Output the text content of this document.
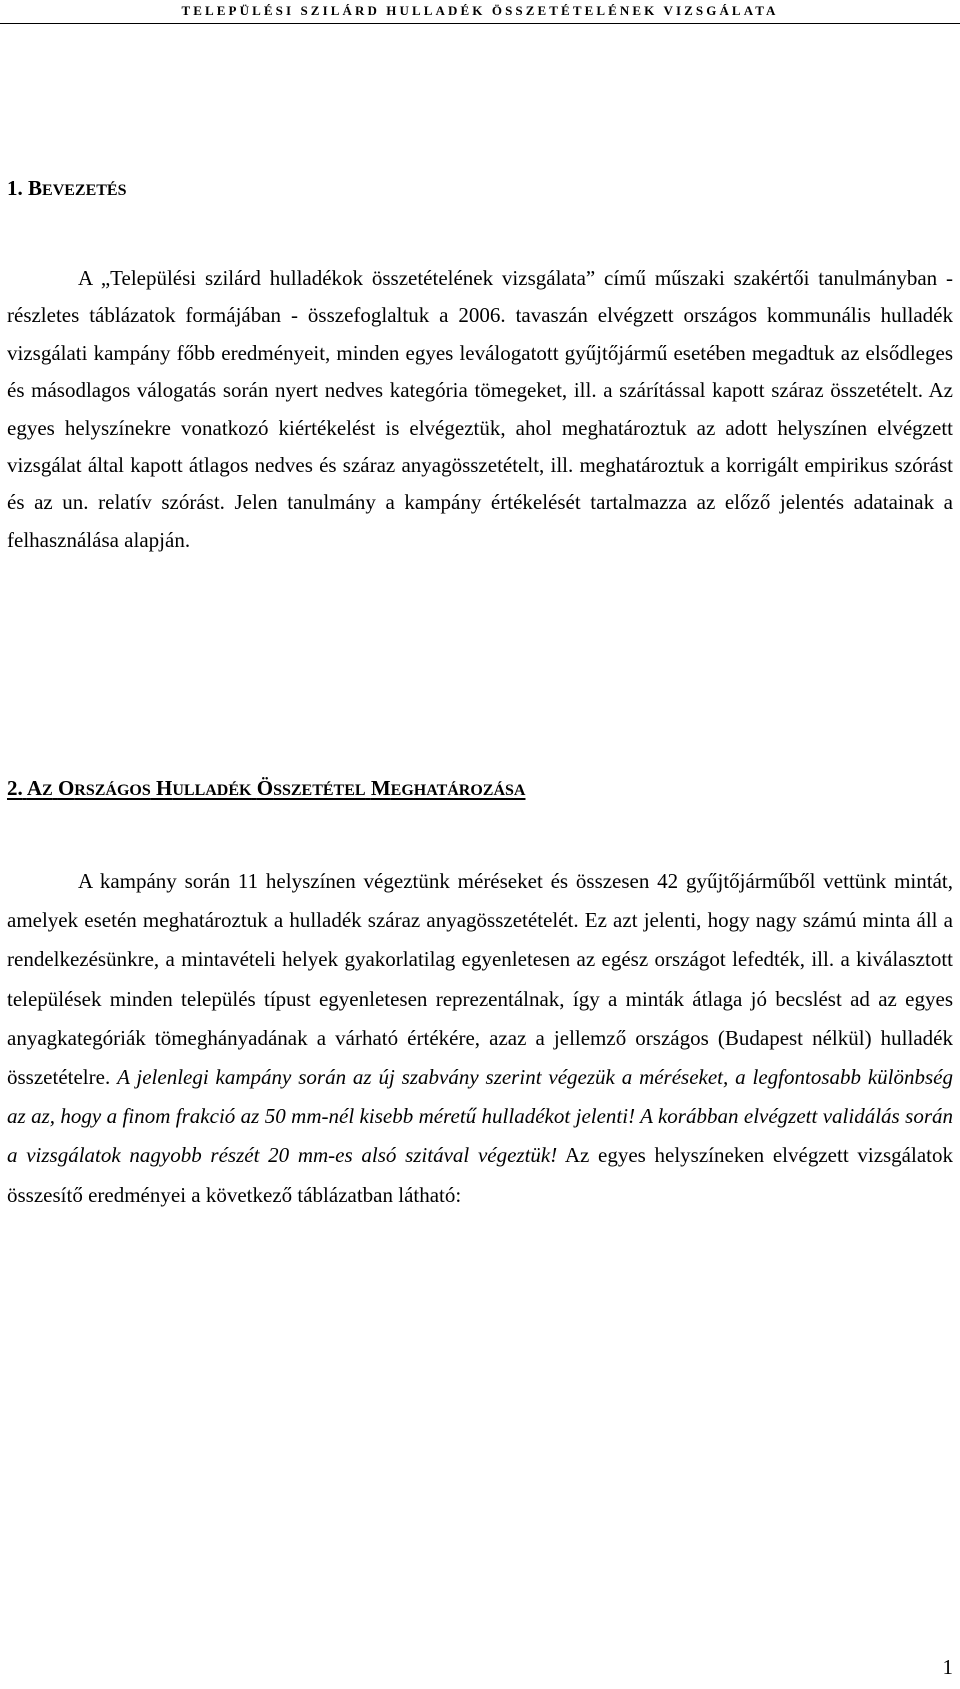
TELEPÜLÉSI SZILÁRD HULLADÉK ÖSSZETÉTELÉNEK VIZSGÁLATA
1. BEVEZETÉS

A „Települési szilárd hulladékok összetételének vizsgálata” című műszaki szakértői tanulmányban - részletes táblázatok formájában - összefoglaltuk a 2006. tavaszán elvégzett országos kommunális hulladék vizsgálati kampány főbb eredményeit, minden egyes leválogatott gyűjtőjármű esetében megadtuk az elsődleges és másodlagos válogatás során nyert nedves kategória tömegeket, ill. a szárítással kapott száraz összetételt. Az egyes helyszínekre vonatkozó kiértékelést is elvégeztük, ahol meghatároztuk az adott helyszínen elvégzett vizsgálat által kapott átlagos nedves és száraz anyagösszetételt, ill. meghatároztuk a korrigált empirikus szórást és az un. relatív szórást. Jelen tanulmány a kampány értékelését tartalmazza az előző jelentés adatainak a felhasználása alapján.

2. AZ ORSZÁGOS HULLADÉK ÖSSZETÉTEL MEGHATÁROZÁSA

A kampány során 11 helyszínen végeztünk méréseket és összesen 42 gyűjtőjárműből vettünk mintát, amelyek esetén meghatároztuk a hulladék száraz anyagösszetételét. Ez azt jelenti, hogy nagy számú minta áll a rendelkezésünkre, a mintavételi helyek gyakorlatilag egyenletesen az egész országot lefedték, ill. a kiválasztott települések minden település típust egyenletesen reprezentálnak, így a minták átlaga jó becslést ad az egyes anyagkategóriák tömeghányadának a várható értékére, azaz a jellemző országos (Budapest nélkül) hulladék összetételre. A jelenlegi kampány során az új szabvány szerint végezük a méréseket, a legfontosabb különbség az az, hogy a finom frakció az 50 mm-nél kisebb méretű hulladékot jelenti! A korábban elvégzett validálás során a vizsgálatok nagyobb részét 20 mm-es alsó szitával végeztük! Az egyes helyszíneken elvégzett vizsgálatok összesítő eredményei a következő táblázatban látható:

1
